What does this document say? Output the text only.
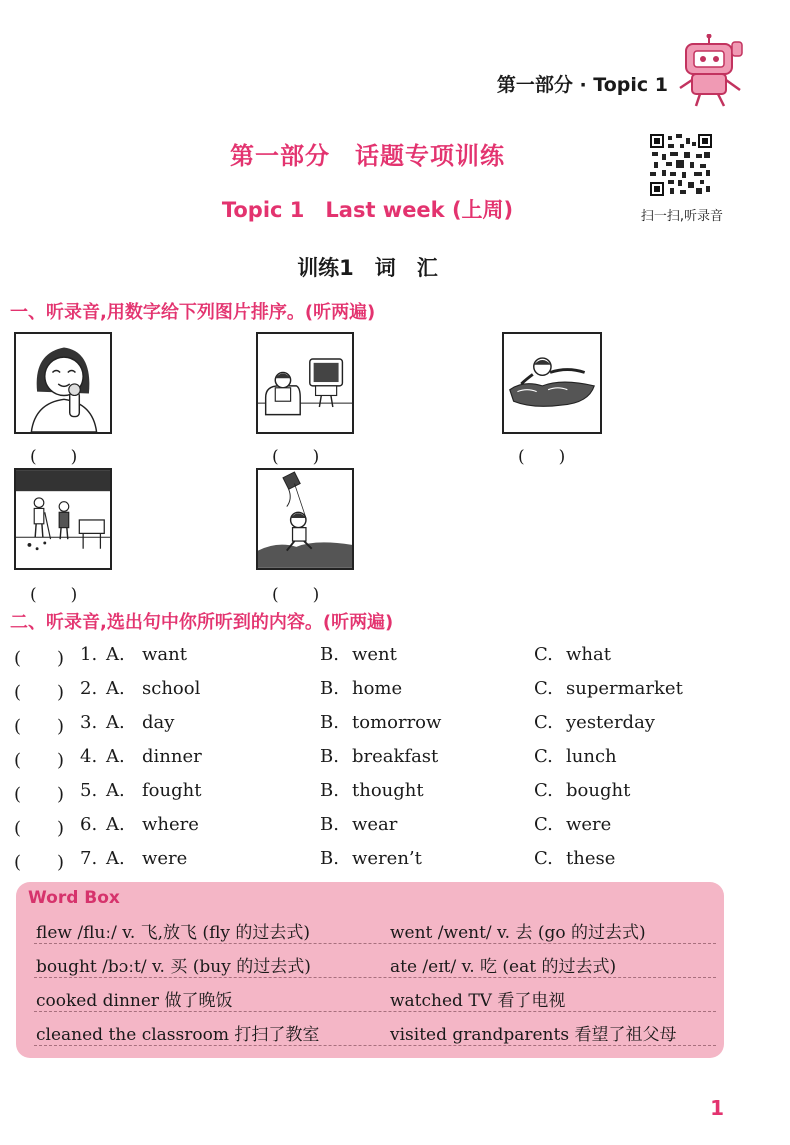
第一部分 · Topic 1
第一部分　话题专项训练
Topic 1　Last week (上周)	扫一扫,听录音
训练1　词　汇
一、听录音,用数字给下列图片排序。(听两遍)
(　　)	(　　)	(　　)
(　　)	(　　)
二、听录音,选出句中你所听到的内容。(听两遍)
(　　) 1. A. want	B. went	C. what
(　　) 2. A. school	B. home	C. supermarket
(　　) 3. A. day	B. tomorrow	C. yesterday
(　　) 4. A. dinner	B. breakfast	C. lunch
(　　) 5. A. fought	B. thought	C. bought
(　　) 6. A. where	B. wear	C. were
(　　) 7. A. were	B. weren’t	C. these
Word Box
flew /fluː/ v. 飞,放飞 (fly 的过去式)	went /went/ v. 去 (go 的过去式)
bought /bɔːt/ v. 买 (buy 的过去式)	ate /eɪt/ v. 吃 (eat 的过去式)
cooked dinner 做了晚饭	watched TV 看了电视
cleaned the classroom 打扫了教室	visited grandparents 看望了祖父母
1
